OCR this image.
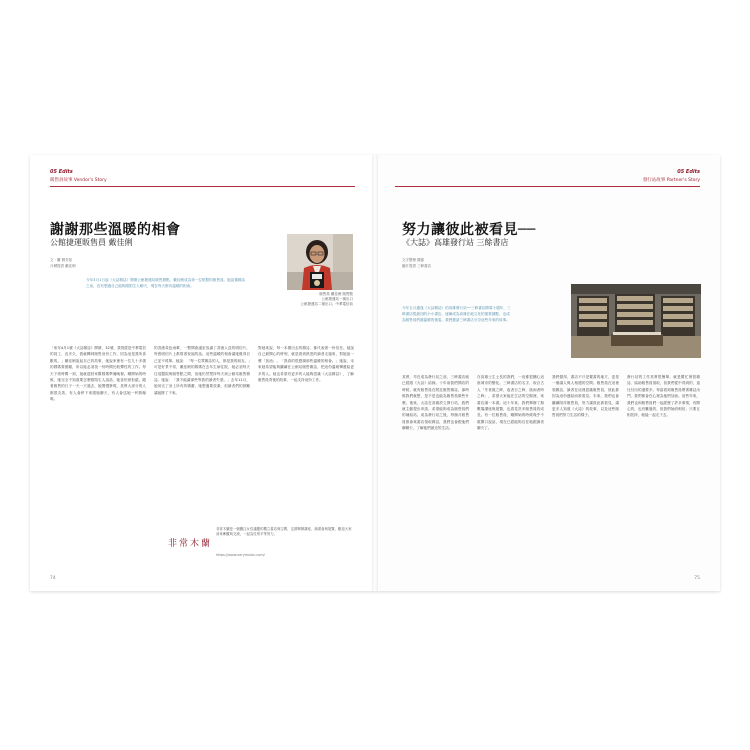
05 Edits
販售員故事 Vendor's Story
謝謝那些溫暖的相會
公館捷運販售員 戴佳俐
文・攝 劉芳茹
月曆提供 戴佳俐
販售員 戴佳俐 販售點
公館捷運站一號出口
公館捷運站二號出口、中華電信前
今年3月1日起《大誌雜誌》開辦公館捷運站販售據點，戴佳俐成為第一位駐點的販售員。她說賣雜誌之前，沒有想過自己能夠跟陌生人聊天，現在每天都有溫暖的相會。
「來年4月1號《大誌雜誌》開辦，32號，我曾經是中華電信的員工，沒多久，我就轉到販售這份工作，因為這是我所喜歡的。」戴佳俐說起自己的故事，她說家裡有一位九十多歲的媽媽要照顧，所以她必須找一份時間比較彈性的工作。每天下班時間一到，她就趕回家幫媽媽準備晚餐。剛開始的時候，她完全不知道要怎麼跟陌生人說話，她害怕被拒絕。隨著販售的日子一天一天過去，她慢慢發現，其實大部分的人都很友善，有人會停下來跟她聊天，有人會送她一杯熱咖啡。
的香港黃色雨傘，一整間會議室放滿了香港人送的明信片，每張明信片上都寫著祝福的話。這些溫暖的相會讓她覺得自己並不孤單。她說：「每一位買雜誌的人，都是我的朋友。」可是好景不常，戴佳俐的媽媽在去年生病住院，她必須每天往返醫院與販售點之間，但她仍然堅持每天到公館站販售雜誌。她說：「我不能讓那些等我的讀者失望。」去年11月，她用完了身上所有的積蓄，她想過要放棄，但讀者們的鼓勵讓她撐了下來。
對她來說，每一本賣出去的雜誌，都代表著一份信任。她說自己最開心的時刻，就是看到熟悉的讀者走過來，對她說一聲「加油」。「我真的很感謝那些溫暖的相會。」她說，未來她希望能夠繼續在公館站販售雜誌，把這份溫暖傳遞給更多的人。她也希望有更多的人能夠認識《大誌雜誌》，了解販售員背後的故事，一起支持這份工作。
非常木蘭
非常木蘭是一個關注女性議題的獨立書店與空間，定期舉辦講座、讀書會與展覽，歡迎大家前來參觀與交流，一起為性別平等努力。
https://www.verymulan.com/
74
05 Edits
發行站故事 Partner's Story
努力讓彼此被看見──
《大誌》高雄發行站 三餘書店
文字整理 陳晏
圖片提供 三餘書店
今年五月適逢《大誌雜誌》的高雄發行站──三餘書店開幕十週年，三餘書店從最初的小小書店，逐漸成為高雄在地文化的重要據點，也成為販售員們最溫暖的後盾。我們邀請三餘書店分享這些年來的故事。
其實，早在成為發行站之前，三餘書店就已經跟《大誌》結緣。十年前我們開店的時候，就有販售員在附近販售雜誌，那時候我們就想，是不是也能為販售員做些什麼。後來，大誌在高雄設立發行站，我們就主動提出申請，希望能夠成為販售員們的補給站。成為發行站之後，每個月販售員都會來書店領取雜誌，我們也會跟他們聊聊天，了解他們最近的生活。
在高雄土生土長的我們，一直都很關心這座城市的變化。三餘書店的名字，取自古人「冬者歲之餘，夜者日之餘，陰雨者時之餘」，希望大家能在生活的空隙裡，來書店讀一本書。這十年來，我們舉辦了無數場講座與展覽，也看見許多販售員的成長。有一位販售員，剛開始的時候幾乎不敢開口說話，現在已經能夠自在地跟讀者聊天了。
我們覺得，書店不只是賣書的地方，更是一個讓人與人相遇的空間。販售員在這裡領雜誌，讀者在這裡認識販售員，彼此都因為這份連結而被看見。未來，我們也會繼續陪伴販售員，努力讓彼此被看見，讓更多人知道《大誌》的故事，以及這些販售員們努力生活的樣子。
發行站的工作其實很簡單，就是幫忙保管雜誌、協助販售員領取，但我們從中得到的，遠比付出的還要多。每當看到販售員帶著雜誌出門，我們都會在心裡為他們加油。這些年來，我們也和販售員們一起經歷了許多事情，有開心的，也有難過的，但我們始終相信，只要互相扶持，就能一起走下去。
75
